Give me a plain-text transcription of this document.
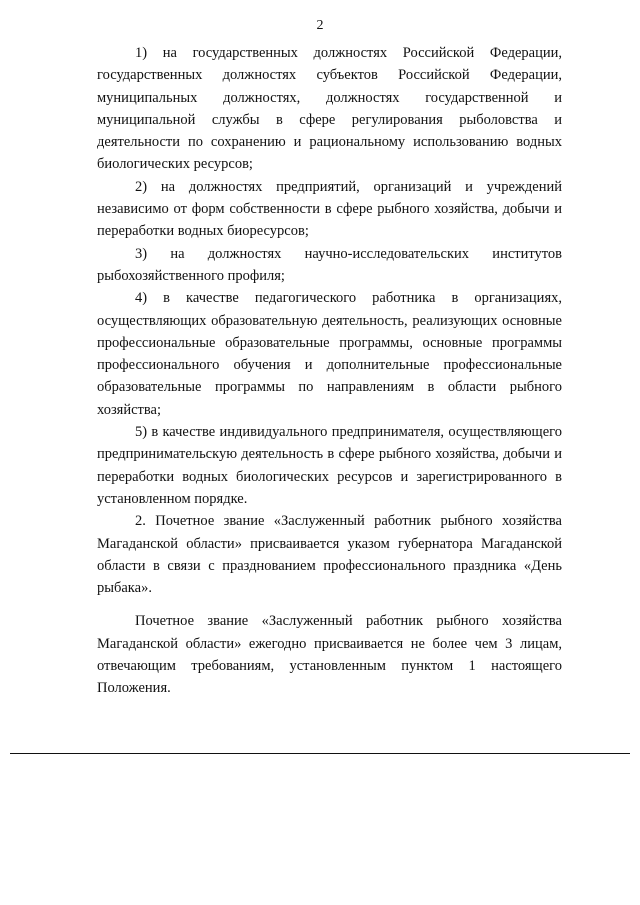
2

1) на государственных должностях Российской Федерации, государственных должностях субъектов Российской Федерации, муниципальных должностях, должностях государственной и муниципальной службы в сфере регулирования рыболовства и деятельности по сохранению и рациональному использованию водных биологических ресурсов;

2) на должностях предприятий, организаций и учреждений независимо от форм собственности в сфере рыбного хозяйства, добычи и переработки водных биоресурсов;

3) на должностях научно-исследовательских институтов рыбохозяйственного профиля;

4) в качестве педагогического работника в организациях, осуществляющих образовательную деятельность, реализующих основные профессиональные образовательные программы, основные программы профессионального обучения и дополнительные профессиональные образовательные программы по направлениям в области рыбного хозяйства;

5) в качестве индивидуального предпринимателя, осуществляющего предпринимательскую деятельность в сфере рыбного хозяйства, добычи и переработки водных биологических ресурсов и зарегистрированного в установленном порядке.

2. Почетное звание «Заслуженный работник рыбного хозяйства Магаданской области» присваивается указом губернатора Магаданской области в связи с празднованием профессионального праздника «День рыбака».

Почетное звание «Заслуженный работник рыбного хозяйства Магаданской области» ежегодно присваивается не более чем 3 лицам, отвечающим требованиям, установленным пунктом 1 настоящего Положения.
